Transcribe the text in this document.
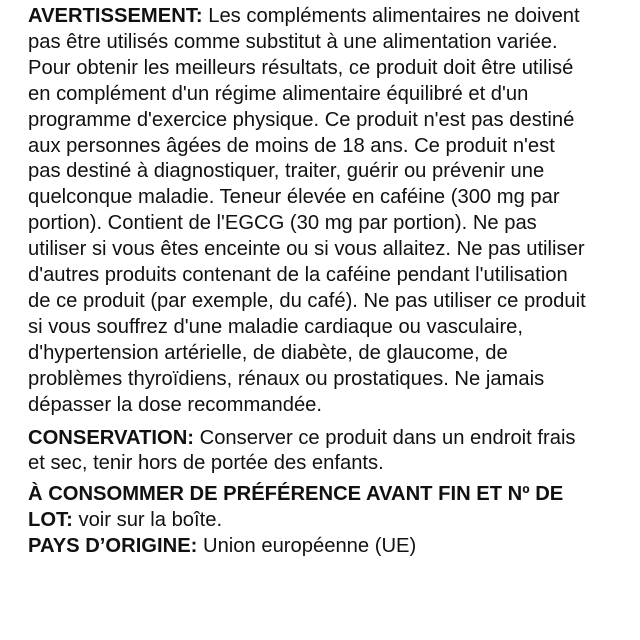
AVERTISSEMENT: Les compléments alimentaires ne doivent pas être utilisés comme substitut à une alimentation variée. Pour obtenir les meilleurs résultats, ce produit doit être utilisé en complément d'un régime alimentaire équilibré et d'un programme d'exercice physique. Ce produit n'est pas destiné aux personnes âgées de moins de 18 ans. Ce produit n'est pas destiné à diagnostiquer, traiter, guérir ou prévenir une quelconque maladie. Teneur élevée en caféine (300 mg par portion). Contient de l'EGCG (30 mg par portion). Ne pas utiliser si vous êtes enceinte ou si vous allaitez. Ne pas utiliser d'autres produits contenant de la caféine pendant l'utilisation de ce produit (par exemple, du café). Ne pas utiliser ce produit si vous souffrez d'une maladie cardiaque ou vasculaire, d'hypertension artérielle, de diabète, de glaucome, de problèmes thyroïdiens, rénaux ou prostatiques. Ne jamais dépasser la dose recommandée.

CONSERVATION: Conserver ce produit dans un endroit frais et sec, tenir hors de portée des enfants.

À CONSOMMER DE PRÉFÉRENCE AVANT FIN ET Nº DE LOT: voir sur la boîte.

PAYS D’ORIGINE: Union européenne (UE)
